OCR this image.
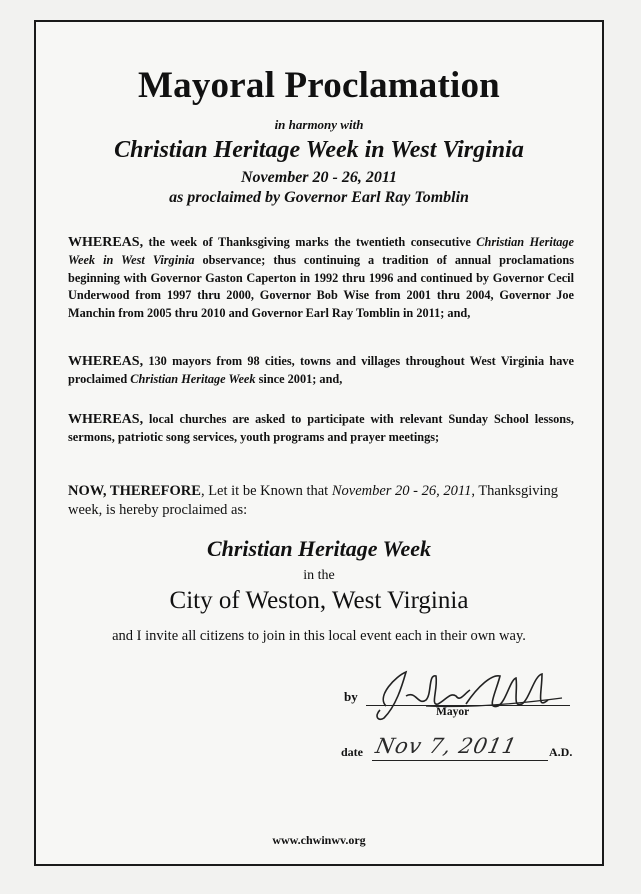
Mayoral Proclamation
in harmony with
Christian Heritage Week in West Virginia
November 20 - 26, 2011
as proclaimed by Governor Earl Ray Tomblin
WHEREAS, the week of Thanksgiving marks the twentieth consecutive Christian Heritage Week in West Virginia observance; thus continuing a tradition of annual proclamations beginning with Governor Gaston Caperton in 1992 thru 1996 and continued by Governor Cecil Underwood from 1997 thru 2000, Governor Bob Wise from 2001 thru 2004, Governor Joe Manchin from 2005 thru 2010 and Governor Earl Ray Tomblin in 2011; and,
WHEREAS, 130 mayors from 98 cities, towns and villages throughout West Virginia have proclaimed Christian Heritage Week since 2001; and,
WHEREAS, local churches are asked to participate with relevant Sunday School lessons, sermons, patriotic song services, youth programs and prayer meetings;
NOW, THEREFORE, Let it be Known that November 20 - 26, 2011, Thanksgiving week, is hereby proclaimed as:
Christian Heritage Week
in the
City of Weston, West Virginia
and I invite all citizens to join in this local event each in their own way.
by
Mayor
date Nov 7, 2011 A.D.
www.chwinwv.org
